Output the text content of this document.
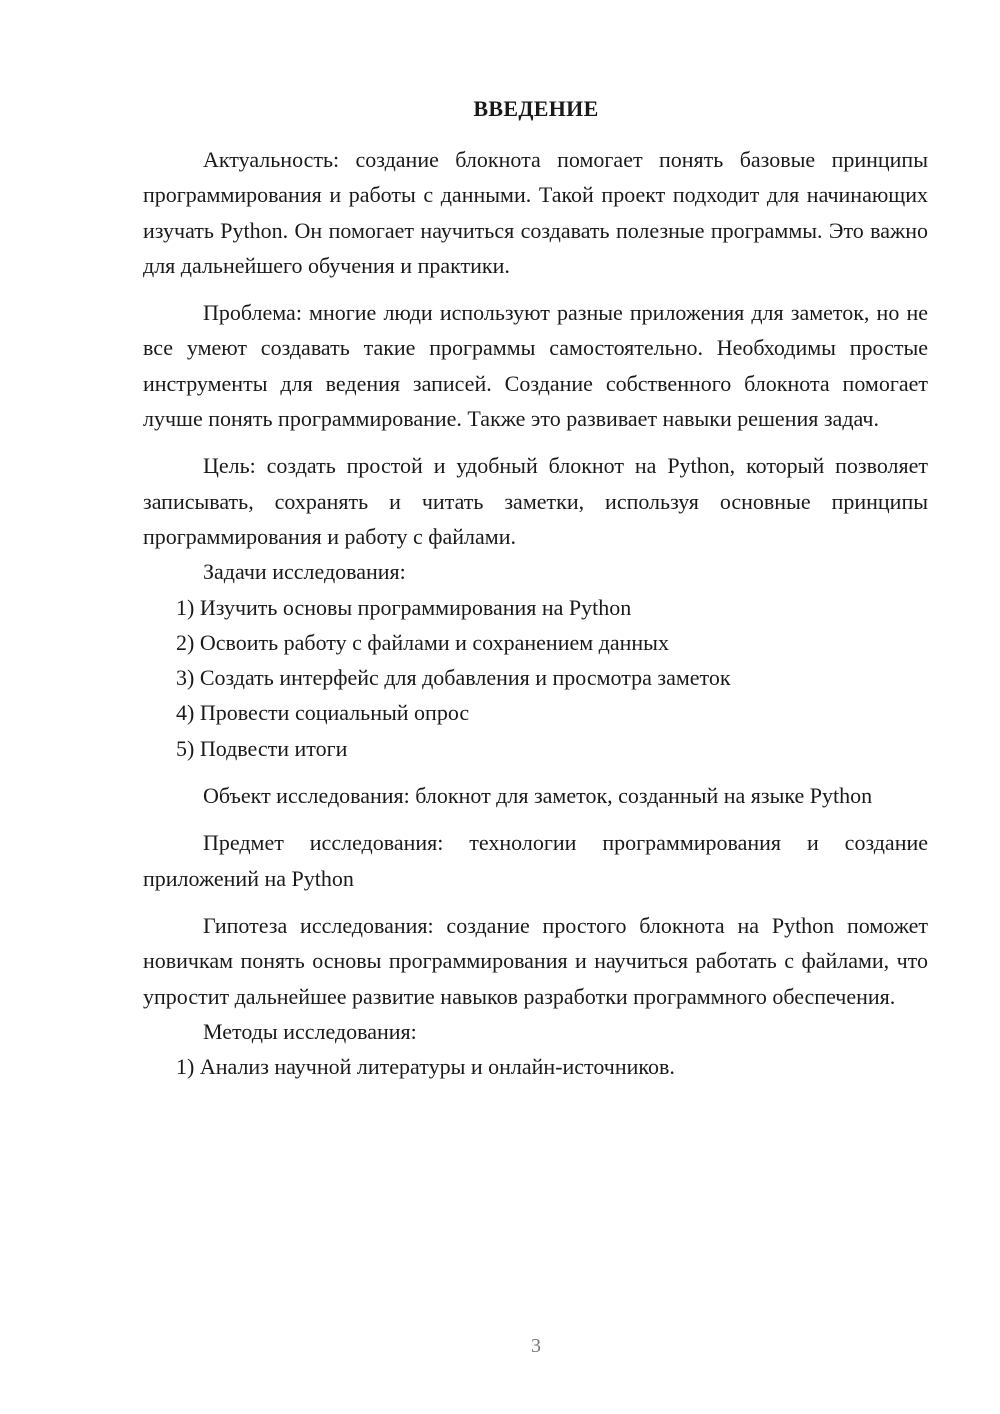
ВВЕДЕНИЕ

Актуальность: создание блокнота помогает понять базовые принципы программирования и работы с данными. Такой проект подходит для начинающих изучать Python. Он помогает научиться создавать полезные программы. Это важно для дальнейшего обучения и практики.

Проблема: многие люди используют разные приложения для заметок, но не все умеют создавать такие программы самостоятельно. Необходимы простые инструменты для ведения записей. Создание собственного блокнота помогает лучше понять программирование. Также это развивает навыки решения задач.

Цель: создать простой и удобный блокнот на Python, который позволяет записывать, сохранять и читать заметки, используя основные принципы программирования и работу с файлами.

Задачи исследования:

1) Изучить основы программирования на Python

2) Освоить работу с файлами и сохранением данных

3) Создать интерфейс для добавления и просмотра заметок

4) Провести социальный опрос

5) Подвести итоги

Объект исследования: блокнот для заметок, созданный на языке Python

Предмет исследования: технологии программирования и создание приложений на Python

Гипотеза исследования: создание простого блокнота на Python поможет новичкам понять основы программирования и научиться работать с файлами, что упростит дальнейшее развитие навыков разработки программного обеспечения.

Методы исследования:

1) Анализ научной литературы и онлайн-источников.

3
